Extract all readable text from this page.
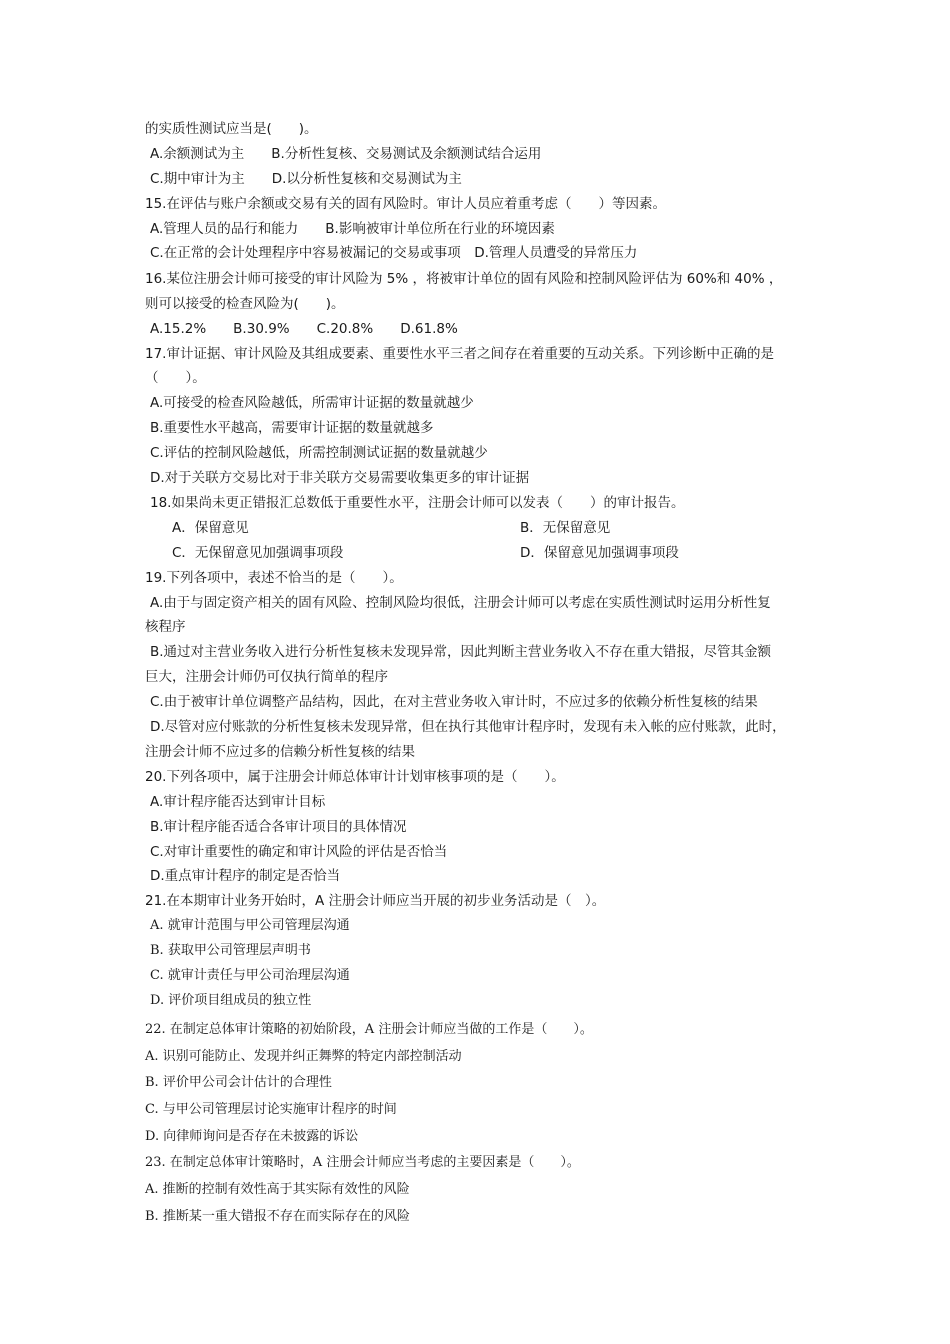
的实质性测试应当是(　　)。
A.余额测试为主　　B.分析性复核、交易测试及余额测试结合运用
C.期中审计为主　　D.以分析性复核和交易测试为主
15.在评估与账户余额或交易有关的固有风险时。审计人员应着重考虑（　　）等因素。
A.管理人员的品行和能力　　B.影响被审计单位所在行业的环境因素
C.在正常的会计处理程序中容易被漏记的交易或事项　D.管理人员遭受的异常压力
16.某位注册会计师可接受的审计风险为 5% ，将被审计单位的固有风险和控制风险评估为 60%和 40% ，
则可以接受的检查风险为(　　)。
A.15.2%　　B.30.9%　　C.20.8%　　D.61.8%
17.审计证据、审计风险及其组成要素、重要性水平三者之间存在着重要的互动关系。下列诊断中正确的是
（　　）。
A.可接受的检查风险越低，所需审计证据的数量就越少
B.重要性水平越高，需要审计证据的数量就越多
C.评估的控制风险越低，所需控制测试证据的数量就越少
D.对于关联方交易比对于非关联方交易需要收集更多的审计证据
18.如果尚未更正错报汇总数低于重要性水平，注册会计师可以发表（　　）的审计报告。
A．保留意见	B．无保留意见
C．无保留意见加强调事项段	D．保留意见加强调事项段
19.下列各项中，表述不恰当的是（　　）。
A.由于与固定资产相关的固有风险、控制风险均很低，注册会计师可以考虑在实质性测试时运用分析性复
核程序
B.通过对主营业务收入进行分析性复核未发现异常，因此判断主营业务收入不存在重大错报，尽管其金额
巨大，注册会计师仍可仅执行简单的程序
C.由于被审计单位调整产品结构，因此，在对主营业务收入审计时，不应过多的依赖分析性复核的结果
D.尽管对应付账款的分析性复核未发现异常，但在执行其他审计程序时，发现有未入帐的应付账款，此时，
注册会计师不应过多的信赖分析性复核的结果
20.下列各项中，属于注册会计师总体审计计划审核事项的是（　　）。
A.审计程序能否达到审计目标
B.审计程序能否适合各审计项目的具体情况
C.对审计重要性的确定和审计风险的评估是否恰当
D.重点审计程序的制定是否恰当
21.在本期审计业务开始时，A 注册会计师应当开展的初步业务活动是（　）。
A. 就审计范围与甲公司管理层沟通
B. 获取甲公司管理层声明书
C. 就审计责任与甲公司治理层沟通
D. 评价项目组成员的独立性
22. 在制定总体审计策略的初始阶段，A 注册会计师应当做的工作是（　　）。
A. 识别可能防止、发现并纠正舞弊的特定内部控制活动
B. 评价甲公司会计估计的合理性
C. 与甲公司管理层讨论实施审计程序的时间
D. 向律师询问是否存在未披露的诉讼
23. 在制定总体审计策略时，A 注册会计师应当考虑的主要因素是（　　）。
A. 推断的控制有效性高于其实际有效性的风险
B. 推断某一重大错报不存在而实际存在的风险
